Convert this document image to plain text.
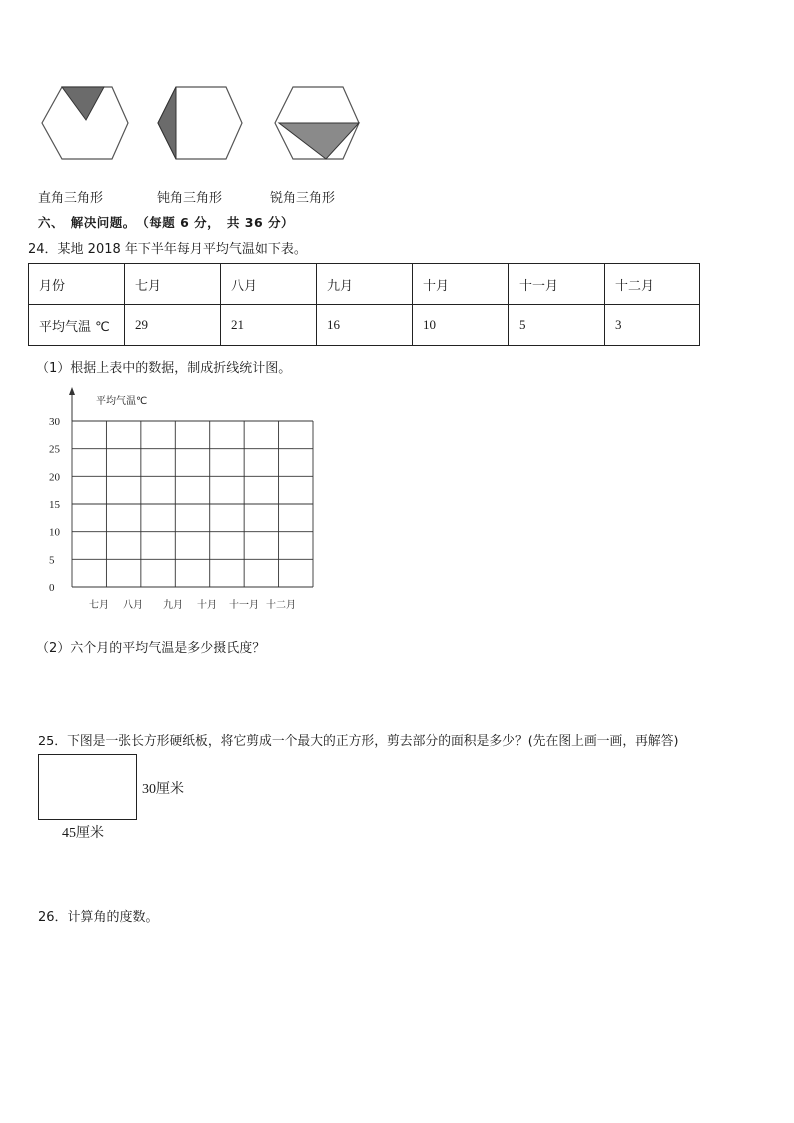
直角三角形	钝角三角形	锐角三角形
六、　解决问题。　（每题 6 分，　共 36 分）
24．某地 2018 年下半年每月平均气温如下表。
月份	七月	八月	九月	十月	十一月	十二月
平均气温 ℃	29	21	16	10	5	3
（1）根据上表中的数据，制成折线统计图。
平均气温℃
30
25
20
15
10
5
0
七月 八月 九月 十月 十一月 十二月
（2）六个月的平均气温是多少摄氏度？
25．下图是一张长方形硬纸板，将它剪成一个最大的正方形，剪去部分的面积是多少？(先在图上画一画，再解答)
30厘米
45厘米
26．计算角的度数。
